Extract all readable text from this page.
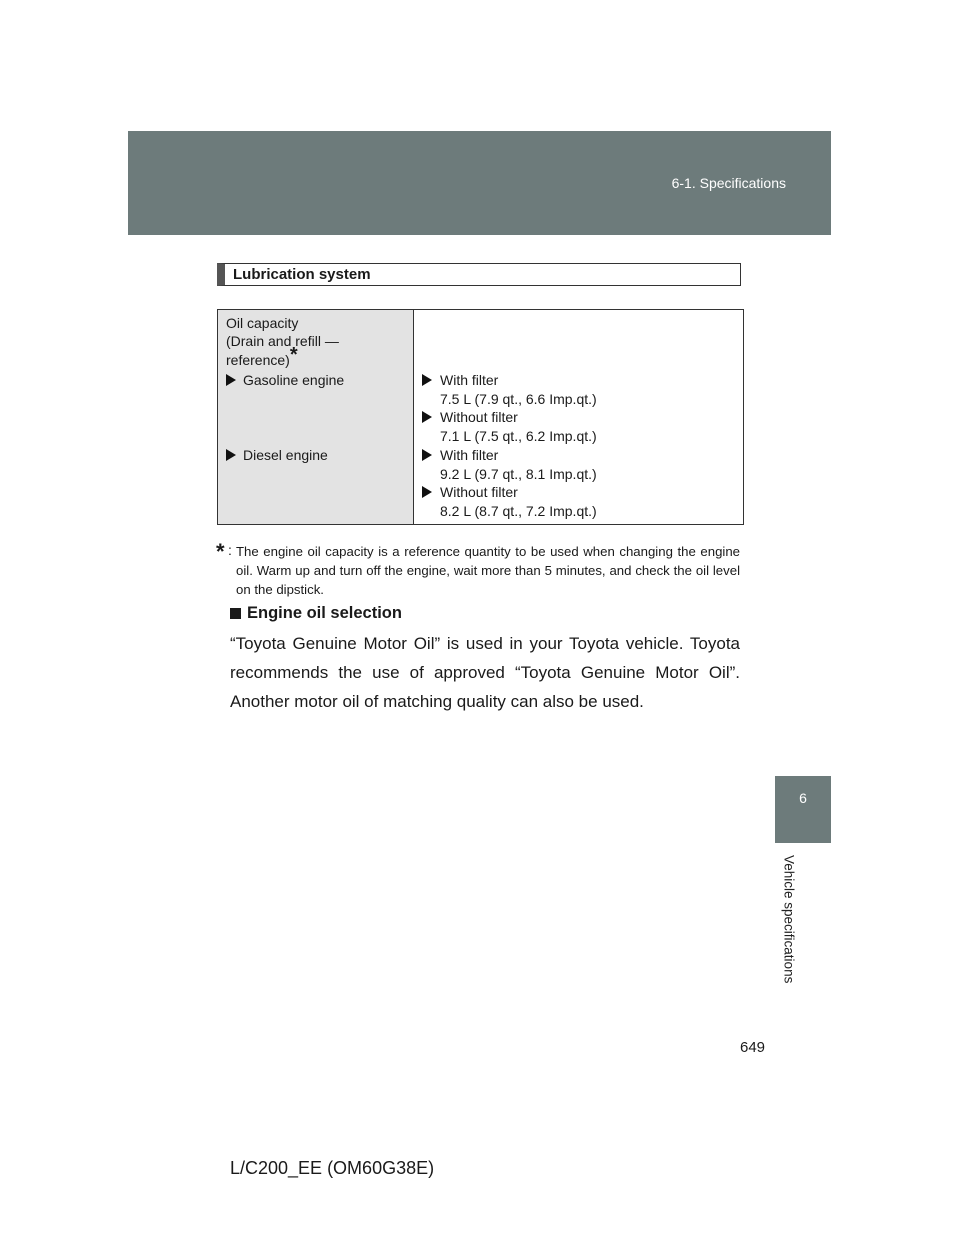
6-1. Specifications
6
Vehicle specifications
Lubrication system
Oil capacity
(Drain and refill —
reference)*
Gasoline engine
Diesel engine
With filter
7.5 L (7.9 qt., 6.6 Imp.qt.)
Without filter
7.1 L (7.5 qt., 6.2 Imp.qt.)
With filter
9.2 L (9.7 qt., 8.1 Imp.qt.)
Without filter
8.2 L (8.7 qt., 7.2 Imp.qt.)
* : The engine oil capacity is a reference quantity to be used when changing the engine oil. Warm up and turn off the engine, wait more than 5 minutes, and check the oil level on the dipstick.
Engine oil selection
“Toyota Genuine Motor Oil” is used in your Toyota vehicle. Toyota recommends the use of approved “Toyota Genuine Motor Oil”. Another motor oil of matching quality can also be used.
649
L/C200_EE (OM60G38E)
